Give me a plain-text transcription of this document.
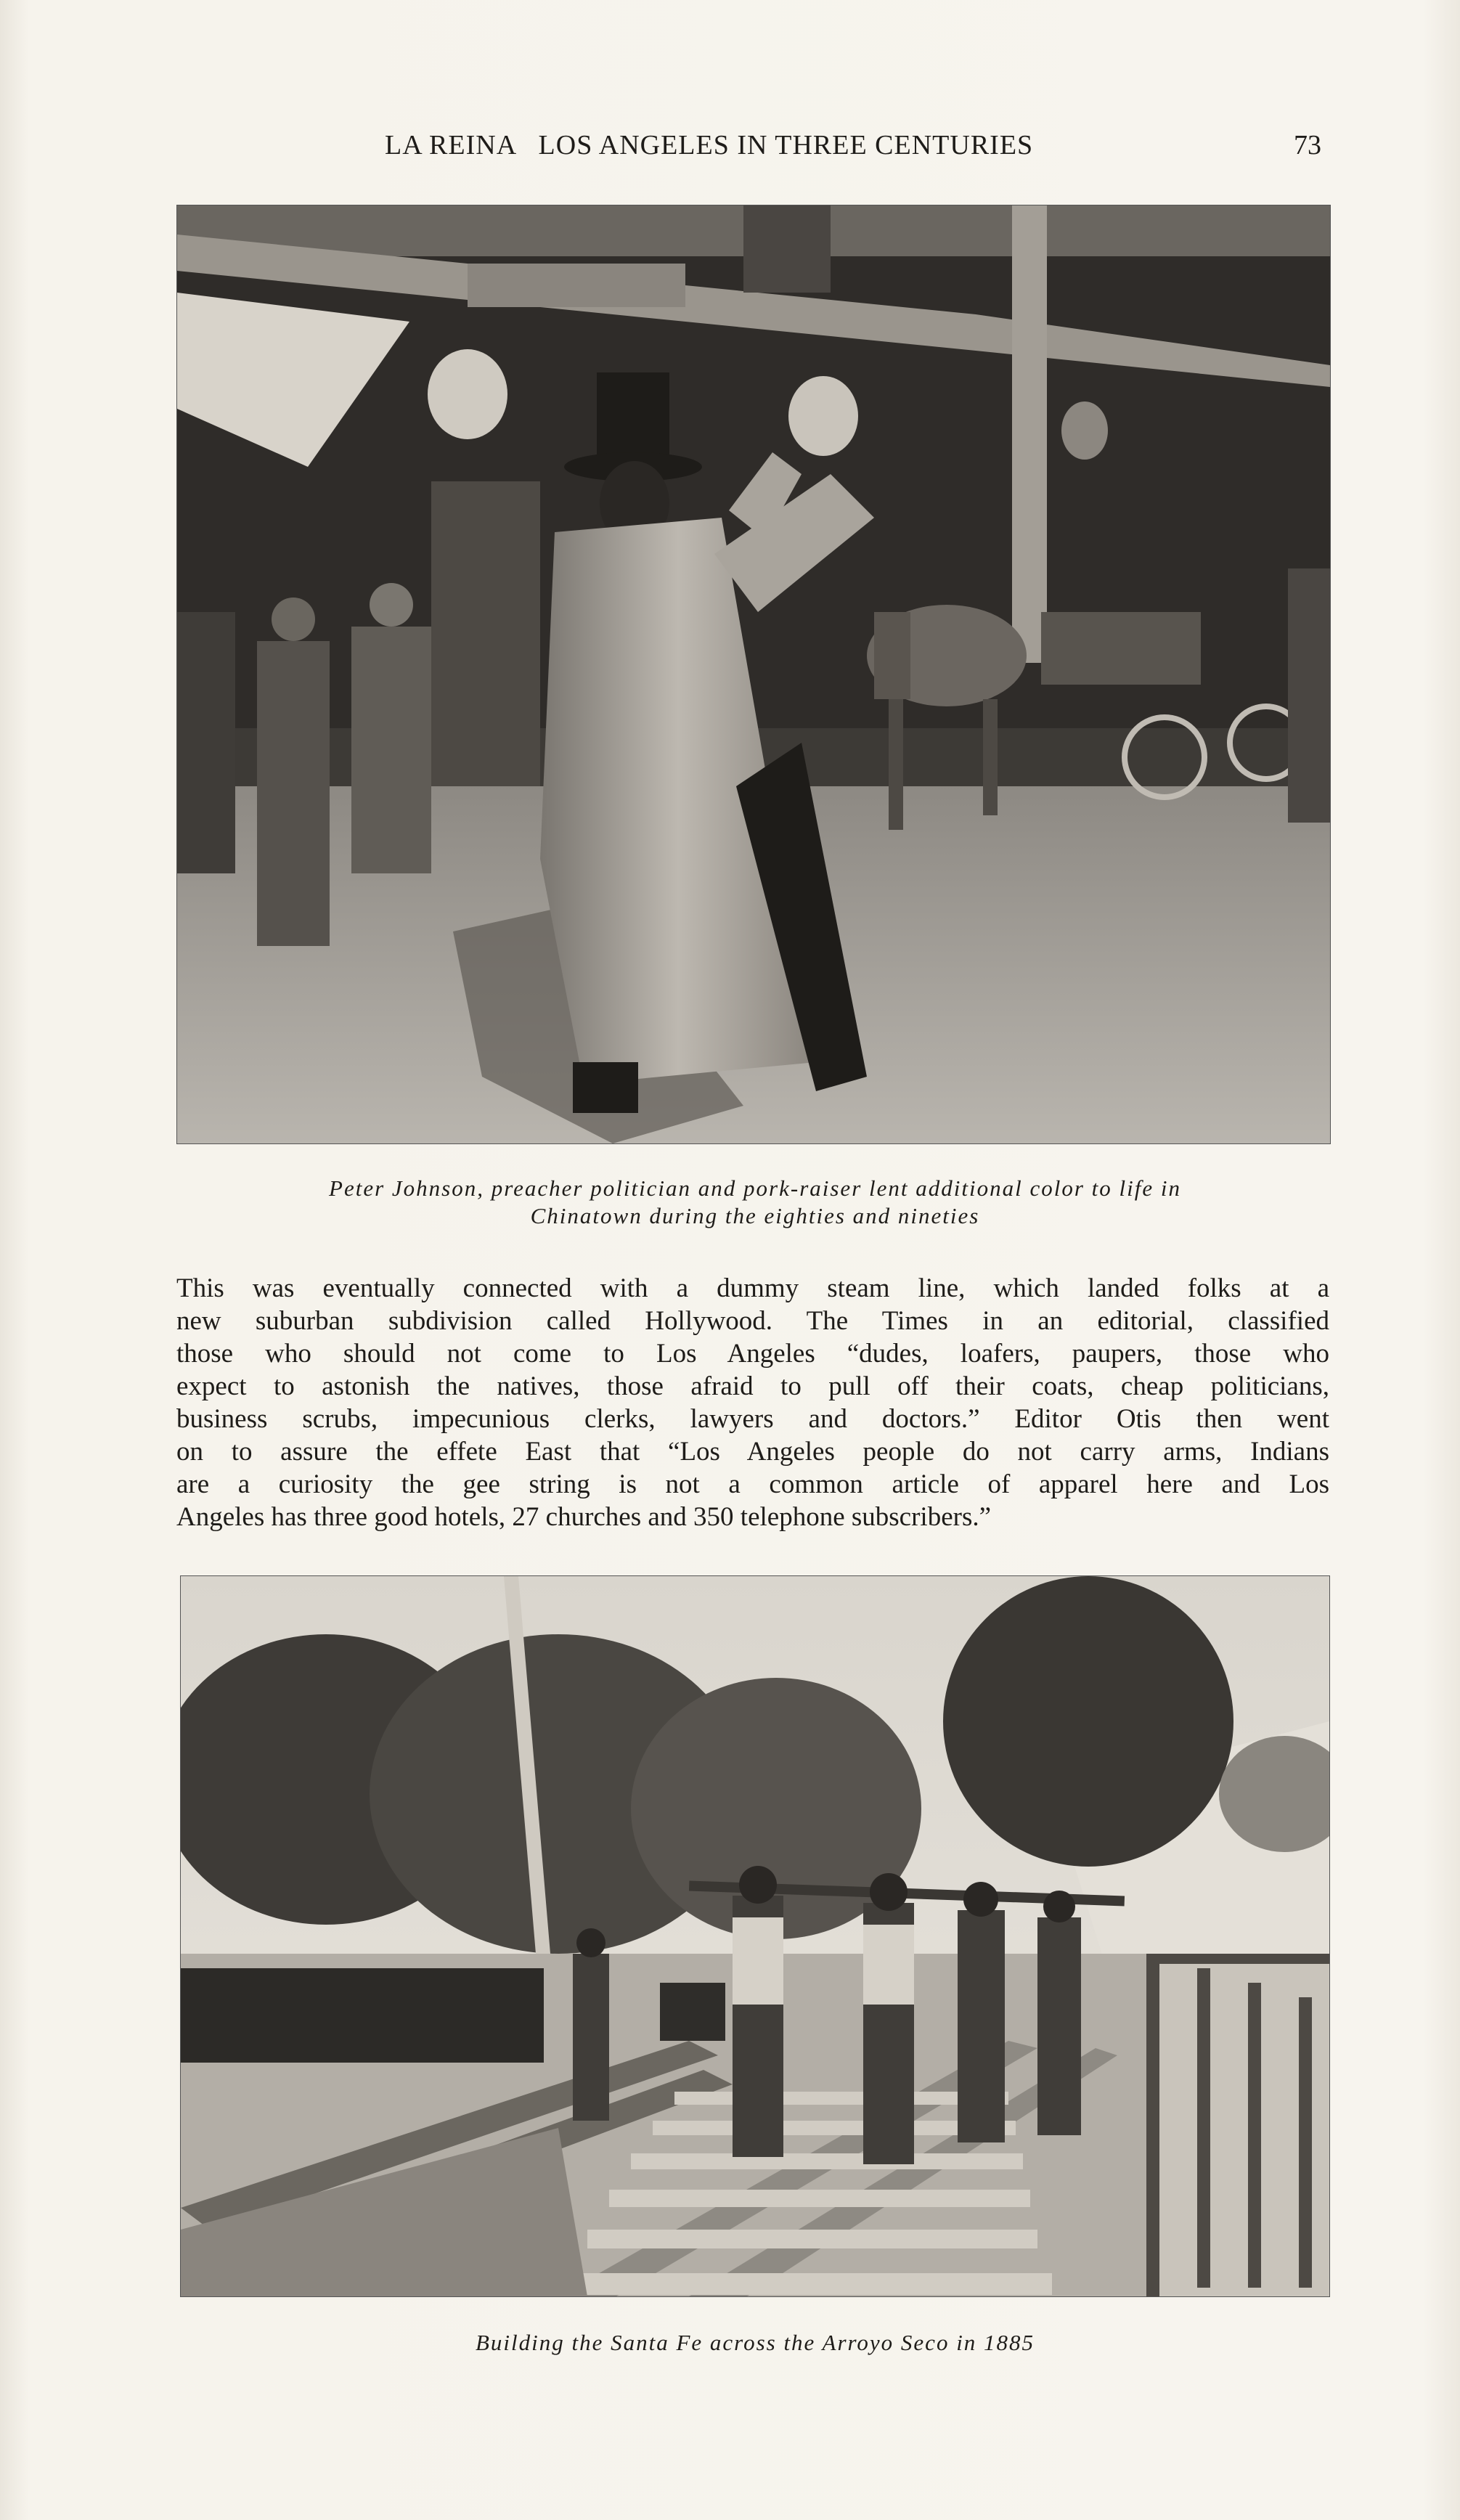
LA REINA   LOS ANGELES IN THREE CENTURIES	73
Peter Johnson, preacher politician and pork-raiser lent additional color to life in
Chinatown during the eighties and nineties

This was eventually connected with a dummy steam line, which landed folks at a
new suburban subdivision called Hollywood. The Times in an editorial, classified
those who should not come to Los Angeles “dudes, loafers, paupers, those who
expect to astonish the natives, those afraid to pull off their coats, cheap politicians,
business scrubs, impecunious clerks, lawyers and doctors.” Editor Otis then went
on to assure the effete East that “Los Angeles people do not carry arms, Indians
are a curiosity the gee string is not a common article of apparel here and Los
Angeles has three good hotels, 27 churches and 350 telephone subscribers.”

Building the Santa Fe across the Arroyo Seco in 1885
